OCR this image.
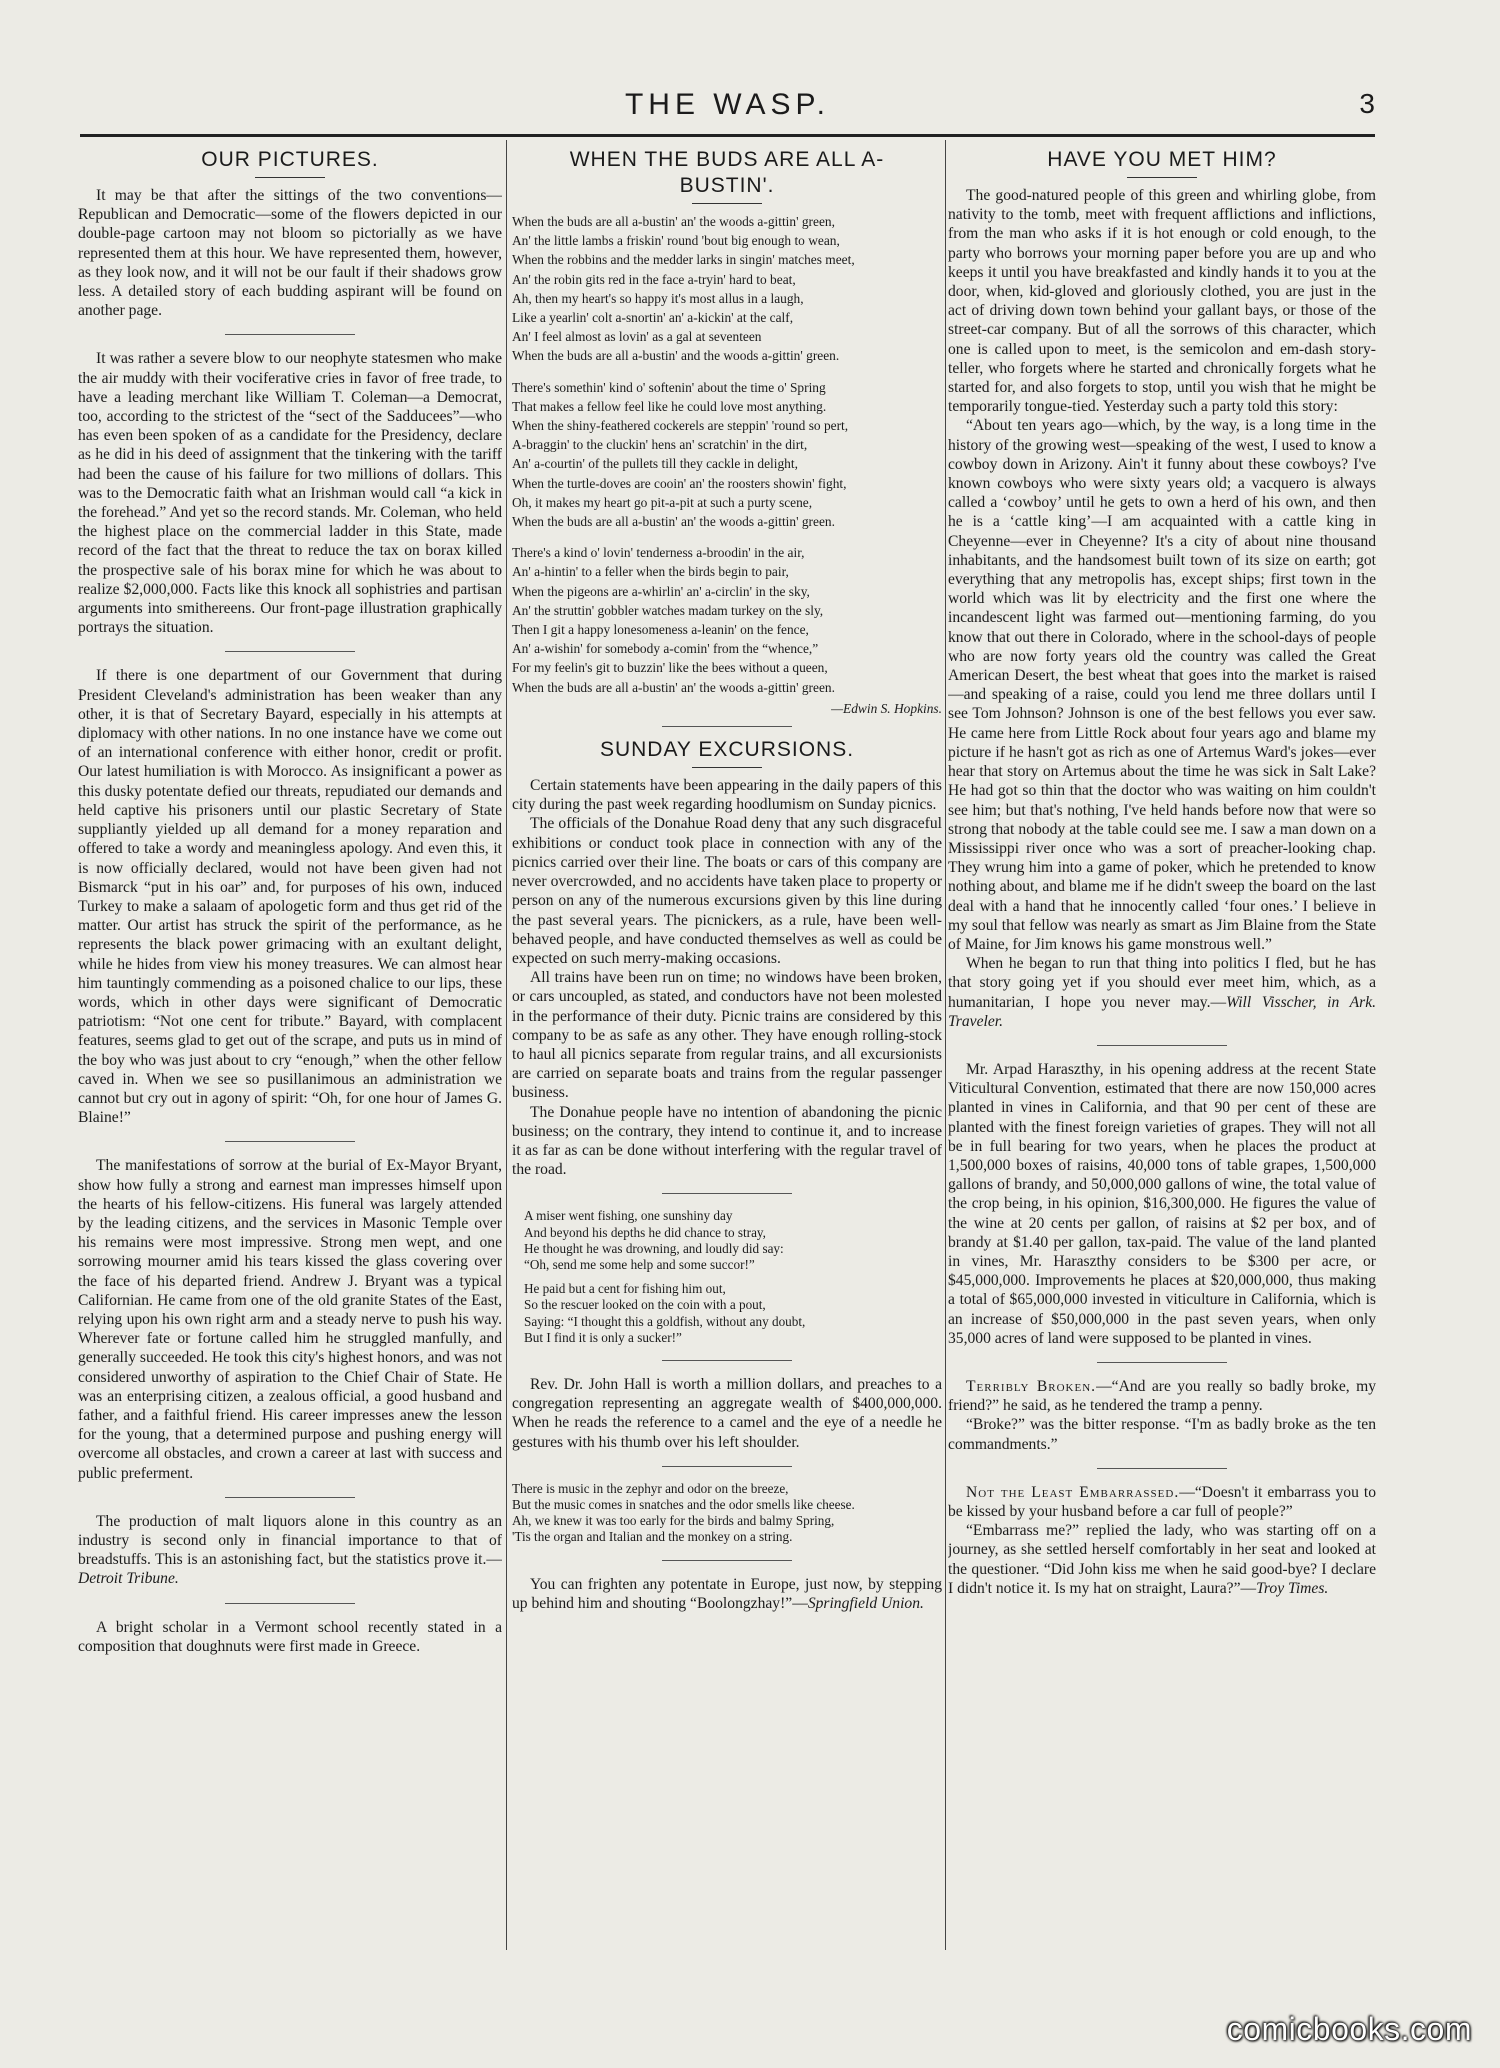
THE WASP.	3
OUR PICTURES.

It may be that after the sittings of the two conventions—Republican and Democratic—some of the flowers depicted in our double-page cartoon may not bloom so pictorially as we have represented them at this hour. We have represented them, however, as they look now, and it will not be our fault if their shadows grow less. A detailed story of each budding aspirant will be found on another page.

It was rather a severe blow to our neophyte statesmen who make the air muddy with their vociferative cries in favor of free trade, to have a leading merchant like William T. Coleman—a Democrat, too, according to the strictest of the “sect of the Sadducees”—who has even been spoken of as a candidate for the Presidency, declare as he did in his deed of assignment that the tinkering with the tariff had been the cause of his failure for two millions of dollars. This was to the Democratic faith what an Irishman would call “a kick in the forehead.” And yet so the record stands. Mr. Coleman, who held the highest place on the commercial ladder in this State, made record of the fact that the threat to reduce the tax on borax killed the prospective sale of his borax mine for which he was about to realize $2,000,000. Facts like this knock all sophistries and partisan arguments into smithereens. Our front-page illustration graphically portrays the situation.

If there is one department of our Government that during President Cleveland's administration has been weaker than any other, it is that of Secretary Bayard, especially in his attempts at diplomacy with other nations. In no one instance have we come out of an international conference with either honor, credit or profit. Our latest humiliation is with Morocco. As insignificant a power as this dusky potentate defied our threats, repudiated our demands and held captive his prisoners until our plastic Secretary of State suppliantly yielded up all demand for a money reparation and offered to take a wordy and meaningless apology. And even this, it is now officially declared, would not have been given had not Bismarck “put in his oar” and, for purposes of his own, induced Turkey to make a salaam of apologetic form and thus get rid of the matter. Our artist has struck the spirit of the performance, as he represents the black power grimacing with an exultant delight, while he hides from view his money treasures. We can almost hear him tauntingly commending as a poisoned chalice to our lips, these words, which in other days were significant of Democratic patriotism: “Not one cent for tribute.” Bayard, with complacent features, seems glad to get out of the scrape, and puts us in mind of the boy who was just about to cry “enough,” when the other fellow caved in. When we see so pusillanimous an administration we cannot but cry out in agony of spirit: “Oh, for one hour of James G. Blaine!”

The manifestations of sorrow at the burial of Ex-Mayor Bryant, show how fully a strong and earnest man impresses himself upon the hearts of his fellow-citizens. His funeral was largely attended by the leading citizens, and the services in Masonic Temple over his remains were most impressive. Strong men wept, and one sorrowing mourner amid his tears kissed the glass covering over the face of his departed friend. Andrew J. Bryant was a typical Californian. He came from one of the old granite States of the East, relying upon his own right arm and a steady nerve to push his way. Wherever fate or fortune called him he struggled manfully, and generally succeeded. He took this city's highest honors, and was not considered unworthy of aspiration to the Chief Chair of State. He was an enterprising citizen, a zealous official, a good husband and father, and a faithful friend. His career impresses anew the lesson for the young, that a determined purpose and pushing energy will overcome all obstacles, and crown a career at last with success and public preferment.

The production of malt liquors alone in this country as an industry is second only in financial importance to that of breadstuffs. This is an astonishing fact, but the statistics prove it.—Detroit Tribune.

A bright scholar in a Vermont school recently stated in a composition that doughnuts were first made in Greece.

WHEN THE BUDS ARE ALL A-BUSTIN'.
When the buds are all a-bustin' an' the woods a-gittin' green,
An' the little lambs a friskin' round 'bout big enough to wean,
When the robbins and the medder larks in singin' matches meet,
An' the robin gits red in the face a-tryin' hard to beat,
Ah, then my heart's so happy it's most allus in a laugh,
Like a yearlin' colt a-snortin' an' a-kickin' at the calf,
An' I feel almost as lovin' as a gal at seventeen
When the buds are all a-bustin' and the woods a-gittin' green.
There's somethin' kind o' softenin' about the time o' Spring
That makes a fellow feel like he could love most anything.
When the shiny-feathered cockerels are steppin' 'round so pert,
A-braggin' to the cluckin' hens an' scratchin' in the dirt,
An' a-courtin' of the pullets till they cackle in delight,
When the turtle-doves are cooin' an' the roosters showin' fight,
Oh, it makes my heart go pit-a-pit at such a purty scene,
When the buds are all a-bustin' an' the woods a-gittin' green.
There's a kind o' lovin' tenderness a-broodin' in the air,
An' a-hintin' to a feller when the birds begin to pair,
When the pigeons are a-whirlin' an' a-circlin' in the sky,
An' the struttin' gobbler watches madam turkey on the sly,
Then I git a happy lonesomeness a-leanin' on the fence,
An' a-wishin' for somebody a-comin' from the “whence,”
For my feelin's git to buzzin' like the bees without a queen,
When the buds are all a-bustin' an' the woods a-gittin' green.
—Edwin S. Hopkins.
SUNDAY EXCURSIONS.

Certain statements have been appearing in the daily papers of this city during the past week regarding hoodlumism on Sunday picnics.

The officials of the Donahue Road deny that any such disgraceful exhibitions or conduct took place in connection with any of the picnics carried over their line. The boats or cars of this company are never overcrowded, and no accidents have taken place to property or person on any of the numerous excursions given by this line during the past several years. The picnickers, as a rule, have been well-behaved people, and have conducted themselves as well as could be expected on such merry-making occasions.

All trains have been run on time; no windows have been broken, or cars uncoupled, as stated, and conductors have not been molested in the performance of their duty. Picnic trains are considered by this company to be as safe as any other. They have enough rolling-stock to haul all picnics separate from regular trains, and all excursionists are carried on separate boats and trains from the regular passenger business.

The Donahue people have no intention of abandoning the picnic business; on the contrary, they intend to continue it, and to increase it as far as can be done without interfering with the regular travel of the road.

A miser went fishing, one sunshiny day
And beyond his depths he did chance to stray,
He thought he was drowning, and loudly did say:
“Oh, send me some help and some succor!”
He paid but a cent for fishing him out,
So the rescuer looked on the coin with a pout,
Saying: “I thought this a goldfish, without any doubt,
But I find it is only a sucker!”

Rev. Dr. John Hall is worth a million dollars, and preaches to a congregation representing an aggregate wealth of $400,000,000. When he reads the reference to a camel and the eye of a needle he gestures with his thumb over his left shoulder.

There is music in the zephyr and odor on the breeze,
But the music comes in snatches and the odor smells like cheese.
Ah, we knew it was too early for the birds and balmy Spring,
'Tis the organ and Italian and the monkey on a string.

You can frighten any potentate in Europe, just now, by stepping up behind him and shouting “Boolongzhay!”—Springfield Union.

HAVE YOU MET HIM?

The good-natured people of this green and whirling globe, from nativity to the tomb, meet with frequent afflictions and inflictions, from the man who asks if it is hot enough or cold enough, to the party who borrows your morning paper before you are up and who keeps it until you have breakfasted and kindly hands it to you at the door, when, kid-gloved and gloriously clothed, you are just in the act of driving down town behind your gallant bays, or those of the street-car company. But of all the sorrows of this character, which one is called upon to meet, is the semicolon and em-dash story-teller, who forgets where he started and chronically forgets what he started for, and also forgets to stop, until you wish that he might be temporarily tongue-tied. Yesterday such a party told this story:

“About ten years ago—which, by the way, is a long time in the history of the growing west—speaking of the west, I used to know a cowboy down in Arizony. Ain't it funny about these cowboys? I've known cowboys who were sixty years old; a vacquero is always called a ‘cowboy’ until he gets to own a herd of his own, and then he is a ‘cattle king’—I am acquainted with a cattle king in Cheyenne—ever in Cheyenne? It's a city of about nine thousand inhabitants, and the handsomest built town of its size on earth; got everything that any metropolis has, except ships; first town in the world which was lit by electricity and the first one where the incandescent light was farmed out—mentioning farming, do you know that out there in Colorado, where in the school-days of people who are now forty years old the country was called the Great American Desert, the best wheat that goes into the market is raised—and speaking of a raise, could you lend me three dollars until I see Tom Johnson? Johnson is one of the best fellows you ever saw. He came here from Little Rock about four years ago and blame my picture if he hasn't got as rich as one of Artemus Ward's jokes—ever hear that story on Artemus about the time he was sick in Salt Lake? He had got so thin that the doctor who was waiting on him couldn't see him; but that's nothing, I've held hands before now that were so strong that nobody at the table could see me. I saw a man down on a Mississippi river once who was a sort of preacher-looking chap. They wrung him into a game of poker, which he pretended to know nothing about, and blame me if he didn't sweep the board on the last deal with a hand that he innocently called ‘four ones.’ I believe in my soul that fellow was nearly as smart as Jim Blaine from the State of Maine, for Jim knows his game monstrous well.”

When he began to run that thing into politics I fled, but he has that story going yet if you should ever meet him, which, as a humanitarian, I hope you never may.—Will Visscher, in Ark. Traveler.

Mr. Arpad Haraszthy, in his opening address at the recent State Viticultural Convention, estimated that there are now 150,000 acres planted in vines in California, and that 90 per cent of these are planted with the finest foreign varieties of grapes. They will not all be in full bearing for two years, when he places the product at 1,500,000 boxes of raisins, 40,000 tons of table grapes, 1,500,000 gallons of brandy, and 50,000,000 gallons of wine, the total value of the crop being, in his opinion, $16,300,000. He figures the value of the wine at 20 cents per gallon, of raisins at $2 per box, and of brandy at $1.40 per gallon, tax-paid. The value of the land planted in vines, Mr. Haraszthy considers to be $300 per acre, or $45,000,000. Improvements he places at $20,000,000, thus making a total of $65,000,000 invested in viticulture in California, which is an increase of $50,000,000 in the past seven years, when only 35,000 acres of land were supposed to be planted in vines.

Terribly Broken.—“And are you really so badly broke, my friend?” he said, as he tendered the tramp a penny.

“Broke?” was the bitter response. “I'm as badly broke as the ten commandments.”

Not the Least Embarrassed.—“Doesn't it embarrass you to be kissed by your husband before a car full of people?”

“Embarrass me?” replied the lady, who was starting off on a journey, as she settled herself comfortably in her seat and looked at the questioner. “Did John kiss me when he said good-bye? I declare I didn't notice it. Is my hat on straight, Laura?”—Troy Times.

comicbooks.com
